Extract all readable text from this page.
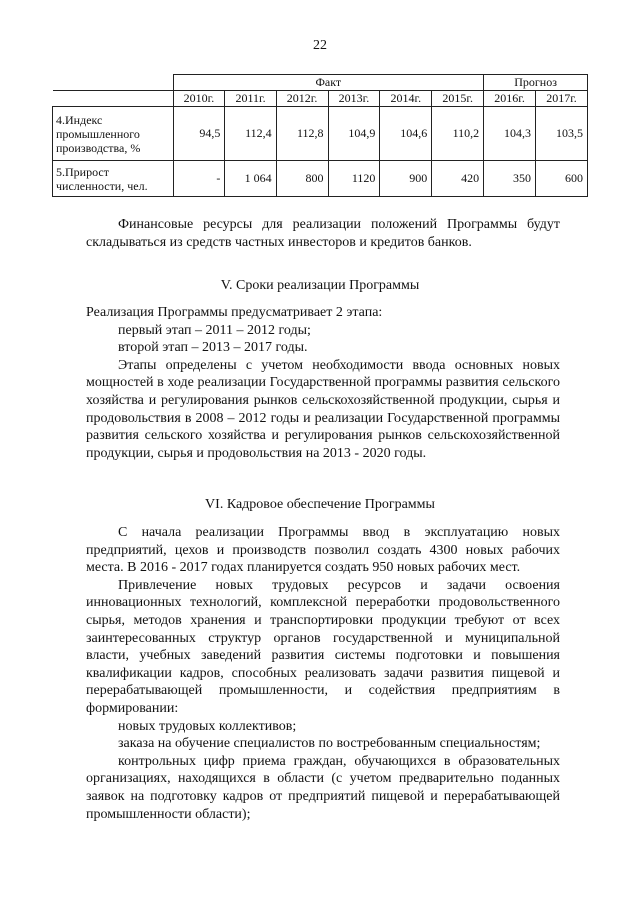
22
	Факт						Прогноз	
	2010г.	2011г.	2012г.	2013г.	2014г.	2015г.	2016г.	2017г.
4.Индекс промышленного производства, %	94,5	112,4	112,8	104,9	104,6	110,2	104,3	103,5
5.Прирост численности, чел.	-	1 064	800	1120	900	420	350	600

Финансовые ресурсы для реализации положений Программы будут складываться из средств частных инвесторов и кредитов банков.

V. Сроки реализации Программы

Реализация Программы предусматривает 2 этапа:

первый этап – 2011 – 2012 годы;

второй этап – 2013 – 2017 годы.

Этапы определены с учетом необходимости ввода основных новых мощностей в ходе реализации Государственной программы развития сельского хозяйства и регулирования рынков сельскохозяйственной продукции, сырья и продовольствия в 2008 – 2012 годы и реализации Государственной программы развития сельского хозяйства и регулирования рынков сельскохозяйственной продукции, сырья и продовольствия на 2013 - 2020 годы.

VI. Кадровое обеспечение Программы

С начала реализации Программы ввод в эксплуатацию новых предприятий, цехов и производств позволил создать 4300 новых рабочих места. В 2016 - 2017 годах планируется создать 950 новых рабочих мест.

Привлечение новых трудовых ресурсов и задачи освоения инновационных технологий, комплексной переработки продовольственного сырья, методов хранения и транспортировки продукции требуют от всех заинтересованных структур органов государственной и муниципальной власти, учебных заведений развития системы подготовки и повышения квалификации кадров, способных реализовать задачи развития пищевой и перерабатывающей промышленности, и содействия предприятиям в формировании:

новых трудовых коллективов;

заказа на обучение специалистов по востребованным специальностям;

контрольных цифр приема граждан, обучающихся в образовательных организациях, находящихся в области (с учетом предварительно поданных заявок на подготовку кадров от предприятий пищевой и перерабатывающей промышленности области);
